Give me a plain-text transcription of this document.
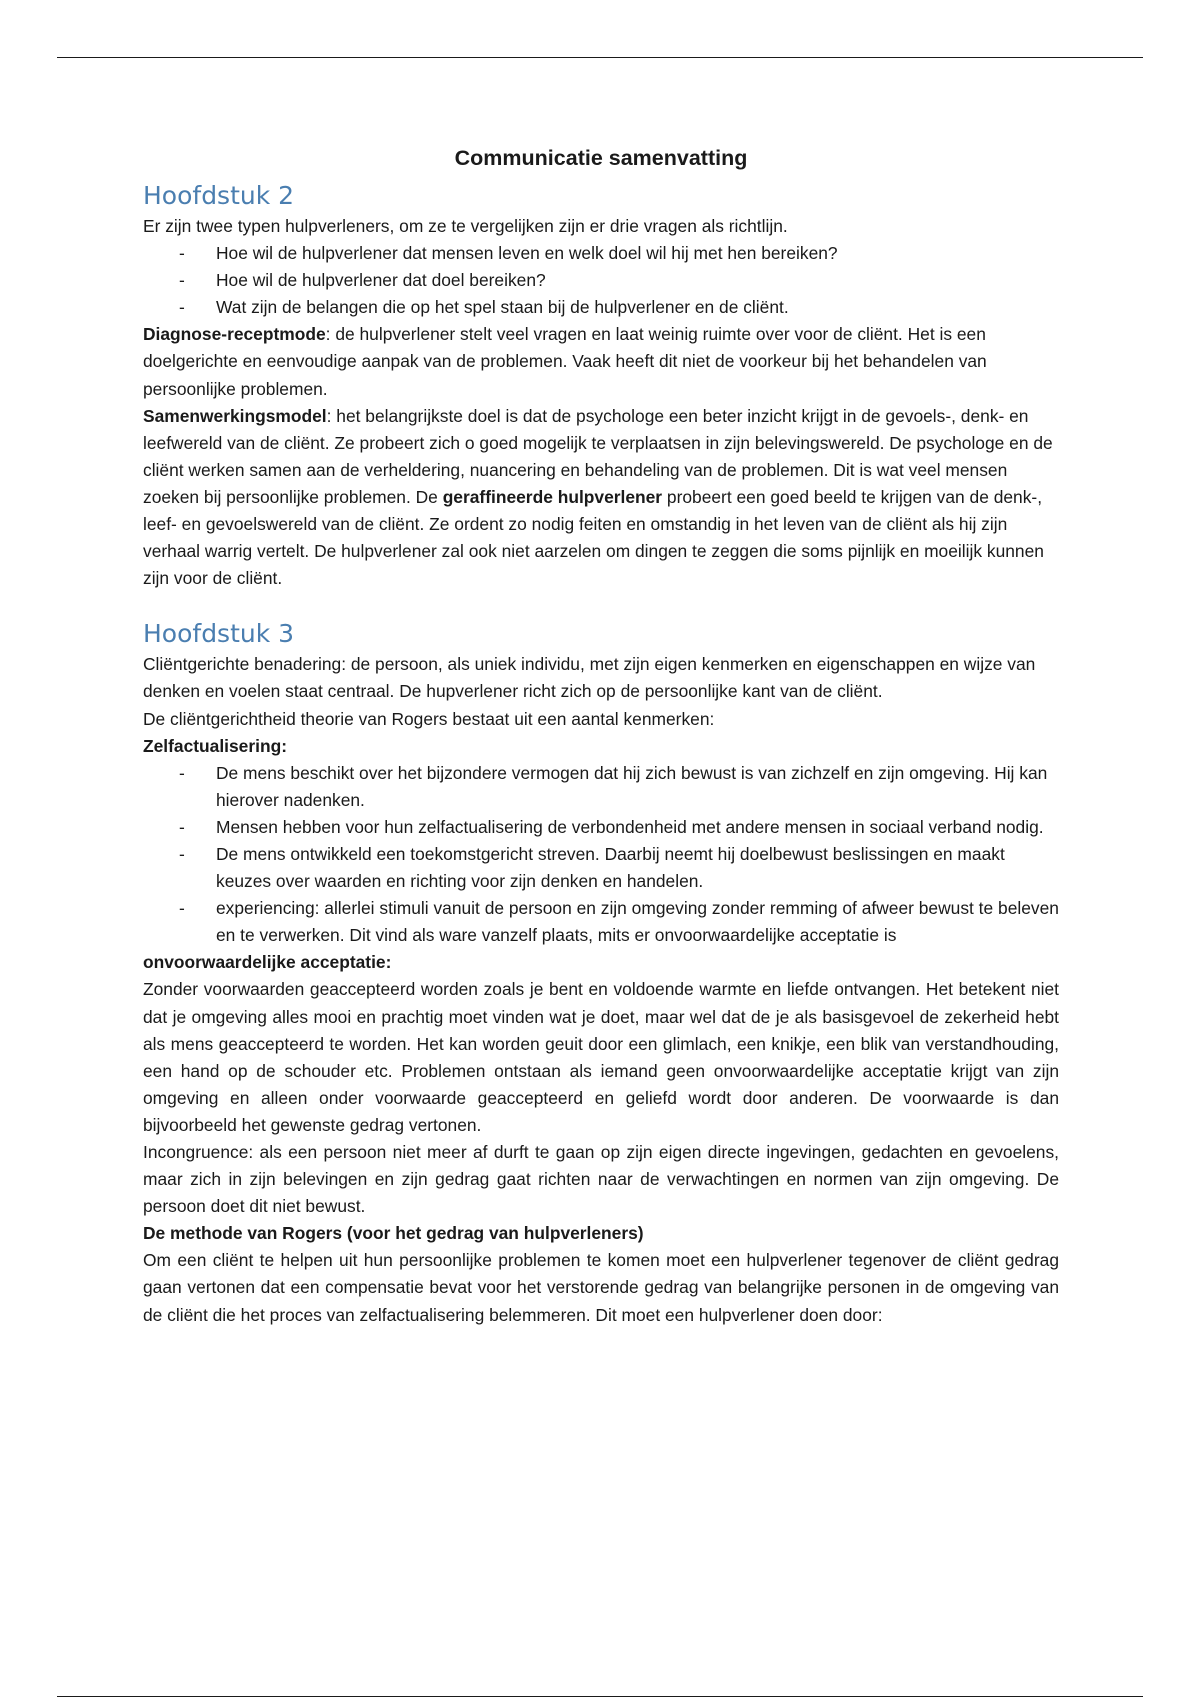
Communicatie samenvatting
Hoofdstuk 2

Er zijn twee typen hulpverleners, om ze te vergelijken zijn er drie vragen als richtlijn.

- Hoe wil de hulpverlener dat mensen leven en welk doel wil hij met hen bereiken?
- Hoe wil de hulpverlener dat doel bereiken?
- Wat zijn de belangen die op het spel staan bij de hulpverlener en de cliënt.

Diagnose-receptmode: de hulpverlener stelt veel vragen en laat weinig ruimte over voor de cliënt. Het is een doelgerichte en eenvoudige aanpak van de problemen. Vaak heeft dit niet de voorkeur bij het behandelen van persoonlijke problemen.

Samenwerkingsmodel: het belangrijkste doel is dat de psychologe een beter inzicht krijgt in de gevoels-, denk- en leefwereld van de cliënt. Ze probeert zich o goed mogelijk te verplaatsen in zijn belevingswereld. De psychologe en de cliënt werken samen aan de verheldering, nuancering en behandeling van de problemen. Dit is wat veel mensen zoeken bij persoonlijke problemen. De geraffineerde hulpverlener probeert een goed beeld te krijgen van de denk-, leef- en gevoelswereld van de cliënt. Ze ordent zo nodig feiten en omstandig in het leven van de cliënt als hij zijn verhaal warrig vertelt. De hulpverlener zal ook niet aarzelen om dingen te zeggen die soms pijnlijk en moeilijk kunnen zijn voor de cliënt.

Hoofdstuk 3

Cliëntgerichte benadering: de persoon, als uniek individu, met zijn eigen kenmerken en eigenschappen en wijze van denken en voelen staat centraal. De hupverlener richt zich op de persoonlijke kant van de cliënt.

De cliëntgerichtheid theorie van Rogers bestaat uit een aantal kenmerken:

Zelfactualisering:

- De mens beschikt over het bijzondere vermogen dat hij zich bewust is van zichzelf en zijn omgeving. Hij kan hierover nadenken.
- Mensen hebben voor hun zelfactualisering de verbondenheid met andere mensen in sociaal verband nodig.
- De mens ontwikkeld een toekomstgericht streven. Daarbij neemt hij doelbewust beslissingen en maakt keuzes over waarden en richting voor zijn denken en handelen.
- experiencing: allerlei stimuli vanuit de persoon en zijn omgeving zonder remming of afweer bewust te beleven en te verwerken. Dit vind als ware vanzelf plaats, mits er onvoorwaardelijke acceptatie is

onvoorwaardelijke acceptatie:

Zonder voorwaarden geaccepteerd worden zoals je bent en voldoende warmte en liefde ontvangen. Het betekent niet dat je omgeving alles mooi en prachtig moet vinden wat je doet, maar wel dat de je als basisgevoel de zekerheid hebt als mens geaccepteerd te worden. Het kan worden geuit door een glimlach, een knikje, een blik van verstandhouding, een hand op de schouder etc. Problemen ontstaan als iemand geen onvoorwaardelijke acceptatie krijgt van zijn omgeving en alleen onder voorwaarde geaccepteerd en geliefd wordt door anderen. De voorwaarde is dan bijvoorbeeld het gewenste gedrag vertonen.

Incongruence: als een persoon niet meer af durft te gaan op zijn eigen directe ingevingen, gedachten en gevoelens, maar zich in zijn belevingen en zijn gedrag gaat richten naar de verwachtingen en normen van zijn omgeving. De persoon doet dit niet bewust.

De methode van Rogers (voor het gedrag van hulpverleners)

Om een cliënt te helpen uit hun persoonlijke problemen te komen moet een hulpverlener tegenover de cliënt gedrag gaan vertonen dat een compensatie bevat voor het verstorende gedrag van belangrijke personen in de omgeving van de cliënt die het proces van zelfactualisering belemmeren. Dit moet een hulpverlener doen door:
